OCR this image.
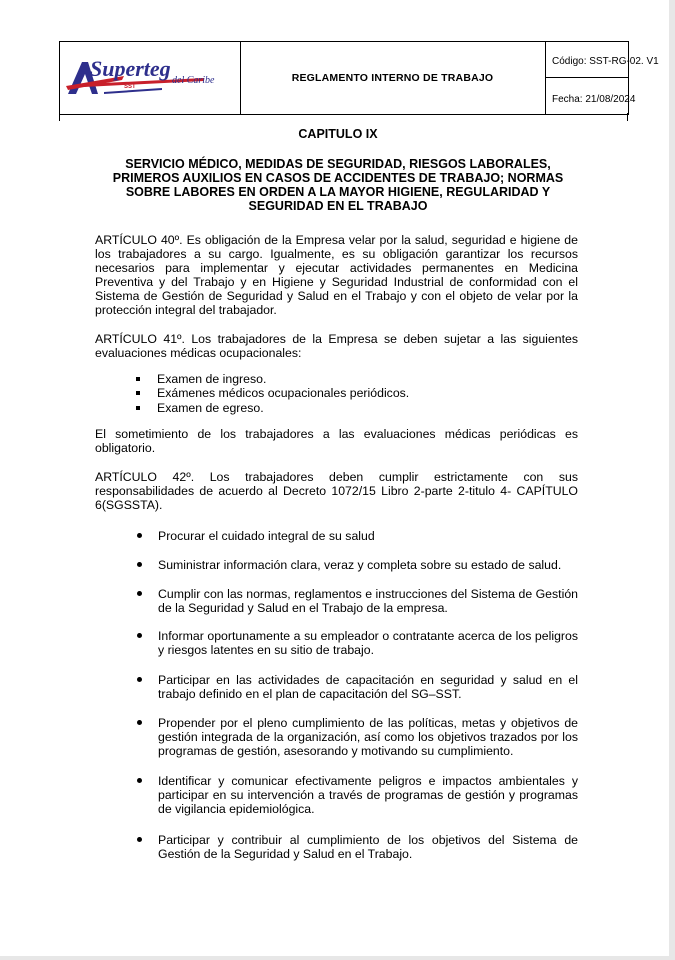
Superteg del Caribe
SST
REGLAMENTO INTERNO DE TRABAJO
Código: SST-RG-02. V1
Fecha: 21/08/2024
CAPITULO IX
SERVICIO MÉDICO, MEDIDAS DE SEGURIDAD, RIESGOS LABORALES, PRIMEROS AUXILIOS EN CASOS DE ACCIDENTES DE TRABAJO; NORMAS SOBRE LABORES EN ORDEN A LA MAYOR HIGIENE, REGULARIDAD Y SEGURIDAD EN EL TRABAJO

ARTÍCULO 40º. Es obligación de la Empresa velar por la salud, seguridad e higiene de los trabajadores a su cargo. Igualmente, es su obligación garantizar los recursos necesarios para implementar y ejecutar actividades permanentes en Medicina Preventiva y del Trabajo y en Higiene y Seguridad Industrial de conformidad con el Sistema de Gestión de Seguridad y Salud en el Trabajo y con el objeto de velar por la protección integral del trabajador.

ARTÍCULO 41º. Los trabajadores de la Empresa se deben sujetar a las siguientes evaluaciones médicas ocupacionales:

Examen de ingreso.
Exámenes médicos ocupacionales periódicos.
Examen de egreso.

El sometimiento de los trabajadores a las evaluaciones médicas periódicas es obligatorio.

ARTÍCULO 42º. Los trabajadores deben cumplir estrictamente con sus responsabilidades de acuerdo al Decreto 1072/15 Libro 2-parte 2-titulo 4- CAPÍTULO 6(SGSSTA).

Procurar el cuidado integral de su salud
Suministrar información clara, veraz y completa sobre su estado de salud.
Cumplir con las normas, reglamentos e instrucciones del Sistema de Gestión de la Seguridad y Salud en el Trabajo de la empresa.
Informar oportunamente a su empleador o contratante acerca de los peligros y riesgos latentes en su sitio de trabajo.
Participar en las actividades de capacitación en seguridad y salud en el trabajo definido en el plan de capacitación del SG–SST.
Propender por el pleno cumplimiento de las políticas, metas y objetivos de gestión integrada de la organización, así como los objetivos trazados por los programas de gestión, asesorando y motivando su cumplimiento.
Identificar y comunicar efectivamente peligros e impactos ambientales y participar en su intervención a través de programas de gestión y programas de vigilancia epidemiológica.
Participar y contribuir al cumplimiento de los objetivos del Sistema de Gestión de la Seguridad y Salud en el Trabajo.
